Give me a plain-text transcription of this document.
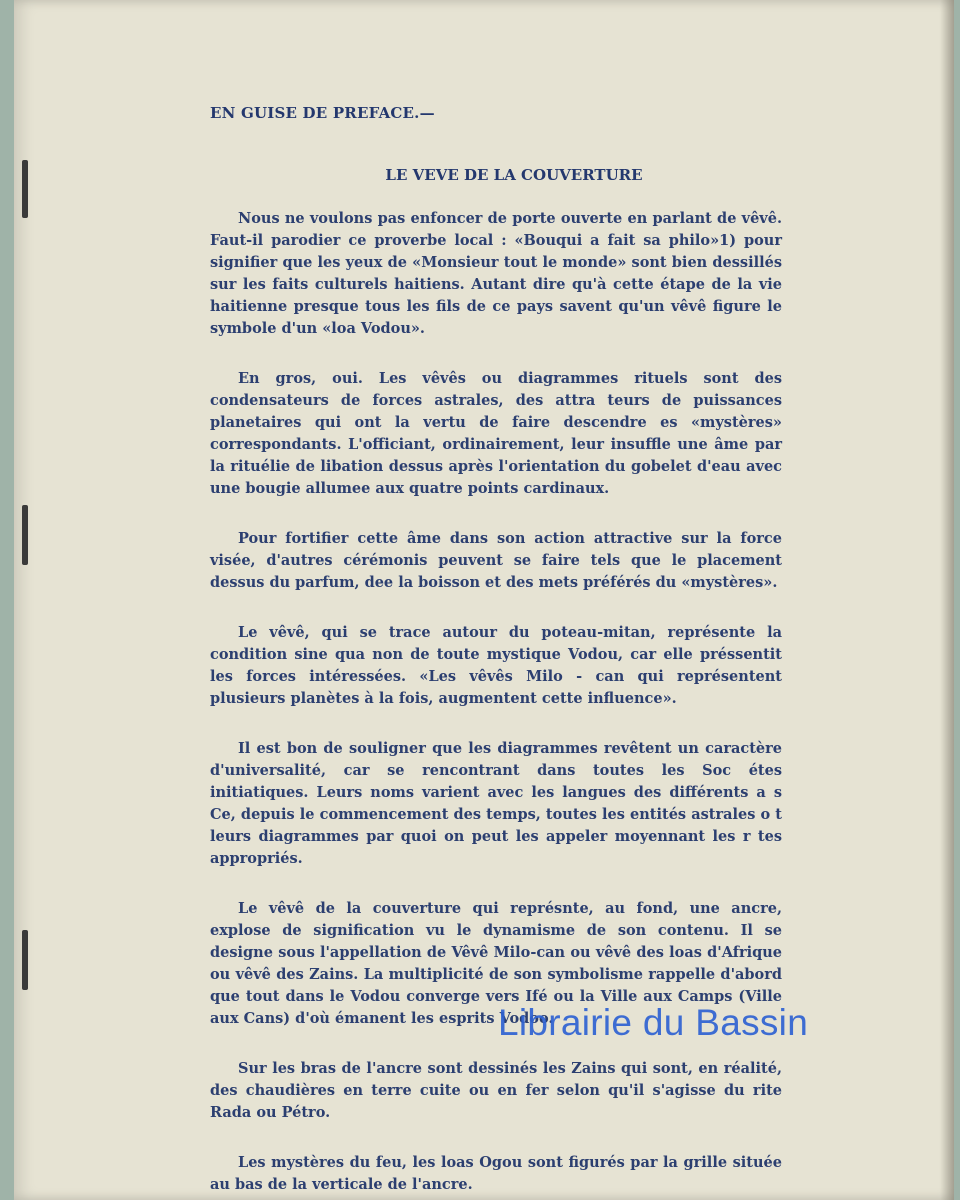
EN GUISE DE PREFACE.—
LE VEVE DE LA COUVERTURE

Nous ne voulons pas enfoncer de porte ouverte en parlant de vêvê. Faut-il parodier ce proverbe local : «Bouqui a fait sa philo»1) pour signifier que les yeux de «Monsieur tout le monde» sont bien dessillés sur les faits culturels haitiens. Autant dire qu'à cette étape de la vie haitienne presque tous les fils de ce pays savent qu'un vêvê figure le symbole d'un «loa Vodou».

En gros, oui. Les vêvês ou diagrammes rituels sont des condensateurs de forces astrales, des attra teurs de puissances planetaires qui ont la vertu de faire descendre es «mystères» correspondants. L'officiant, ordinairement, leur insuffle une âme par la rituélie de libation dessus après l'orientation du gobelet d'eau avec une bougie allumee aux quatre points cardinaux.

Pour fortifier cette âme dans son action attractive sur la force visée, d'autres cérémonis peuvent se faire tels que le placement dessus du parfum, dee la boisson et des mets préférés du «mystères».

Le vêvê, qui se trace autour du poteau-mitan, représente la condition sine qua non de toute mystique Vodou, car elle préssentit les forces intéressées. «Les vêvês Milo - can qui représentent plusieurs planètes à la fois, augmentent cette influence».

Il est bon de souligner que les diagrammes revêtent un caractère d'universalité, car se rencontrant dans toutes les Soc étes initiatiques. Leurs noms varient avec les langues des différents a s Ce, depuis le commencement des temps, toutes les entités astrales o t leurs diagrammes par quoi on peut les appeler moyennant les r tes appropriés.

Le vêvê de la couverture qui représnte, au fond, une ancre, explose de signification vu le dynamisme de son contenu. Il se designe sous l'appellation de Vêvê Milo-can ou vêvê des loas d'Afrique ou vêvê des Zains. La multiplicité de son symbolisme rappelle d'abord que tout dans le Vodou converge vers Ifé ou la Ville aux Camps (Ville aux Cans) d'où émanent les esprits Vodoo.

Sur les bras de l'ancre sont dessinés les Zains qui sont, en réalité, des chaudières en terre cuite ou en fer selon qu'il s'agisse du rite Rada ou Pétro.

Les mystères du feu, les loas Ogou sont figurés par la grille située au bas de la verticale de l'ancre.

Librairie du Bassin
